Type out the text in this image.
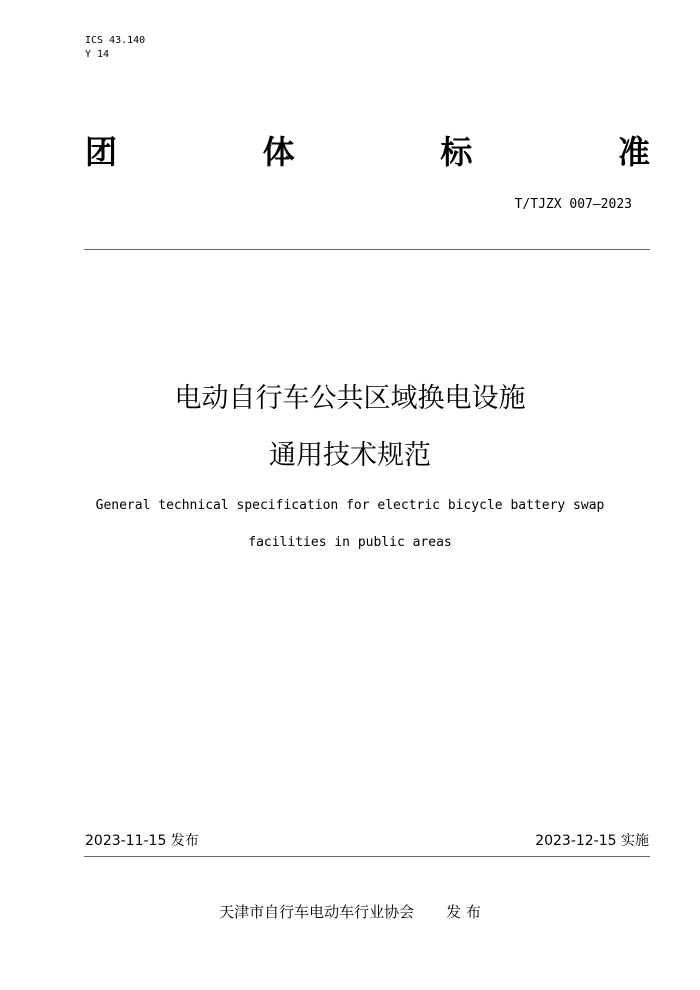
ICS 43.140
Y 14
团	体	标	准
T/TJZX 007—2023
电动自行车公共区域换电设施
通用技术规范
General technical specification for electric bicycle battery swap
facilities in public areas
2023-11-15 发布	2023-12-15 实施
天津市自行车电动车行业协会 发 布
